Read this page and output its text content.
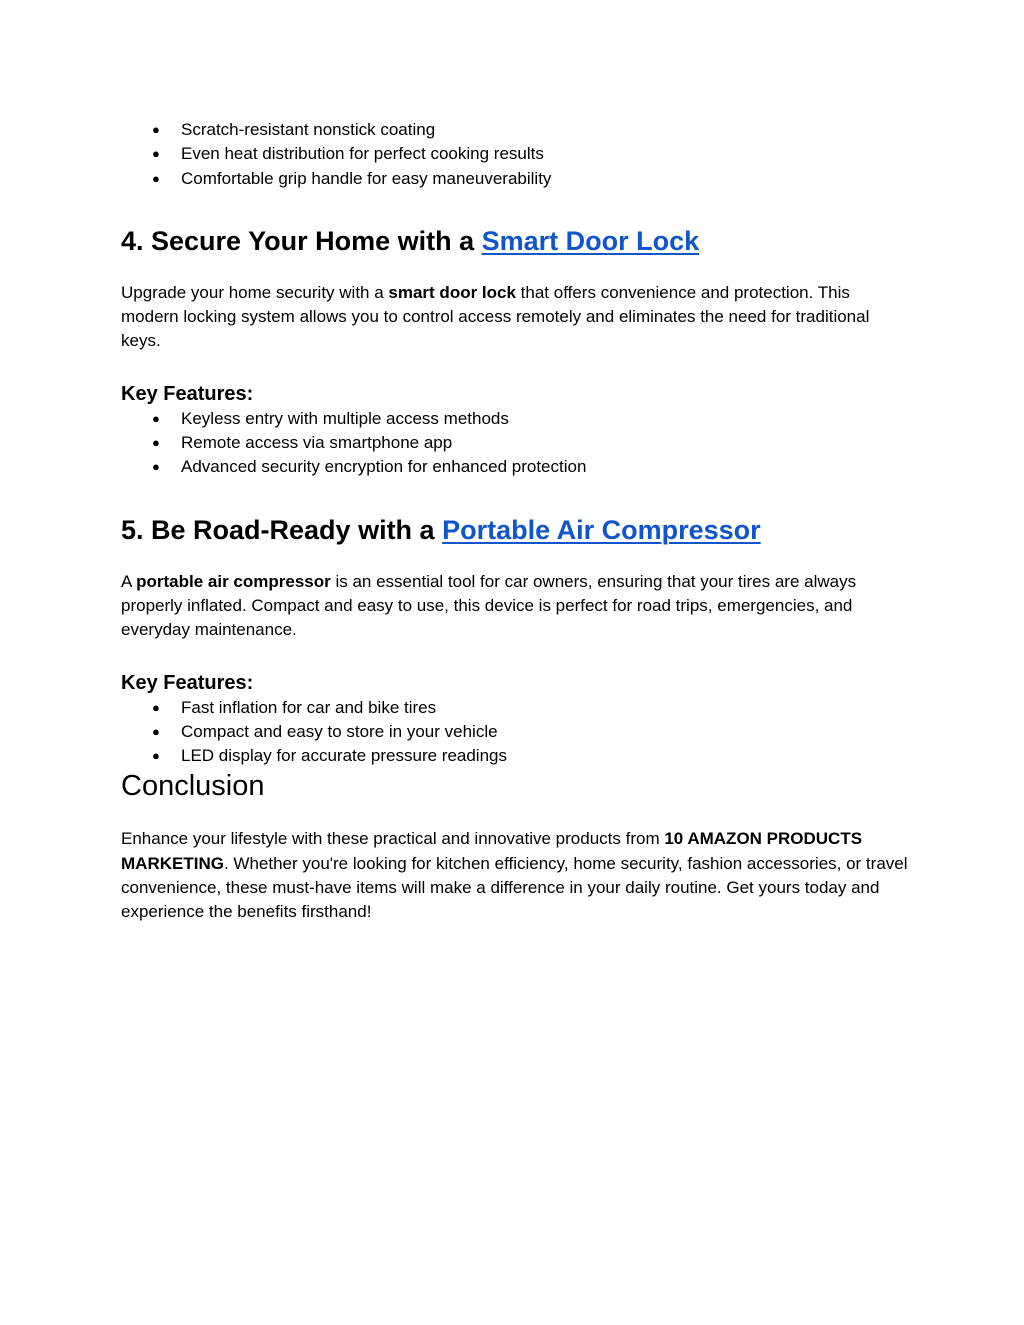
● Scratch-resistant nonstick coating
● Even heat distribution for perfect cooking results
● Comfortable grip handle for easy maneuverability
4. Secure Your Home with a Smart Door Lock

Upgrade your home security with a smart door lock that offers convenience and protection. This modern locking system allows you to control access remotely and eliminates the need for traditional keys.

Key Features:
● Keyless entry with multiple access methods
● Remote access via smartphone app
● Advanced security encryption for enhanced protection
5. Be Road-Ready with a Portable Air Compressor

A portable air compressor is an essential tool for car owners, ensuring that your tires are always properly inflated. Compact and easy to use, this device is perfect for road trips, emergencies, and everyday maintenance.

Key Features:
● Fast inflation for car and bike tires
● Compact and easy to store in your vehicle
● LED display for accurate pressure readings
Conclusion

Enhance your lifestyle with these practical and innovative products from 10 AMAZON PRODUCTS MARKETING. Whether you're looking for kitchen efficiency, home security, fashion accessories, or travel convenience, these must-have items will make a difference in your daily routine. Get yours today and experience the benefits firsthand!
